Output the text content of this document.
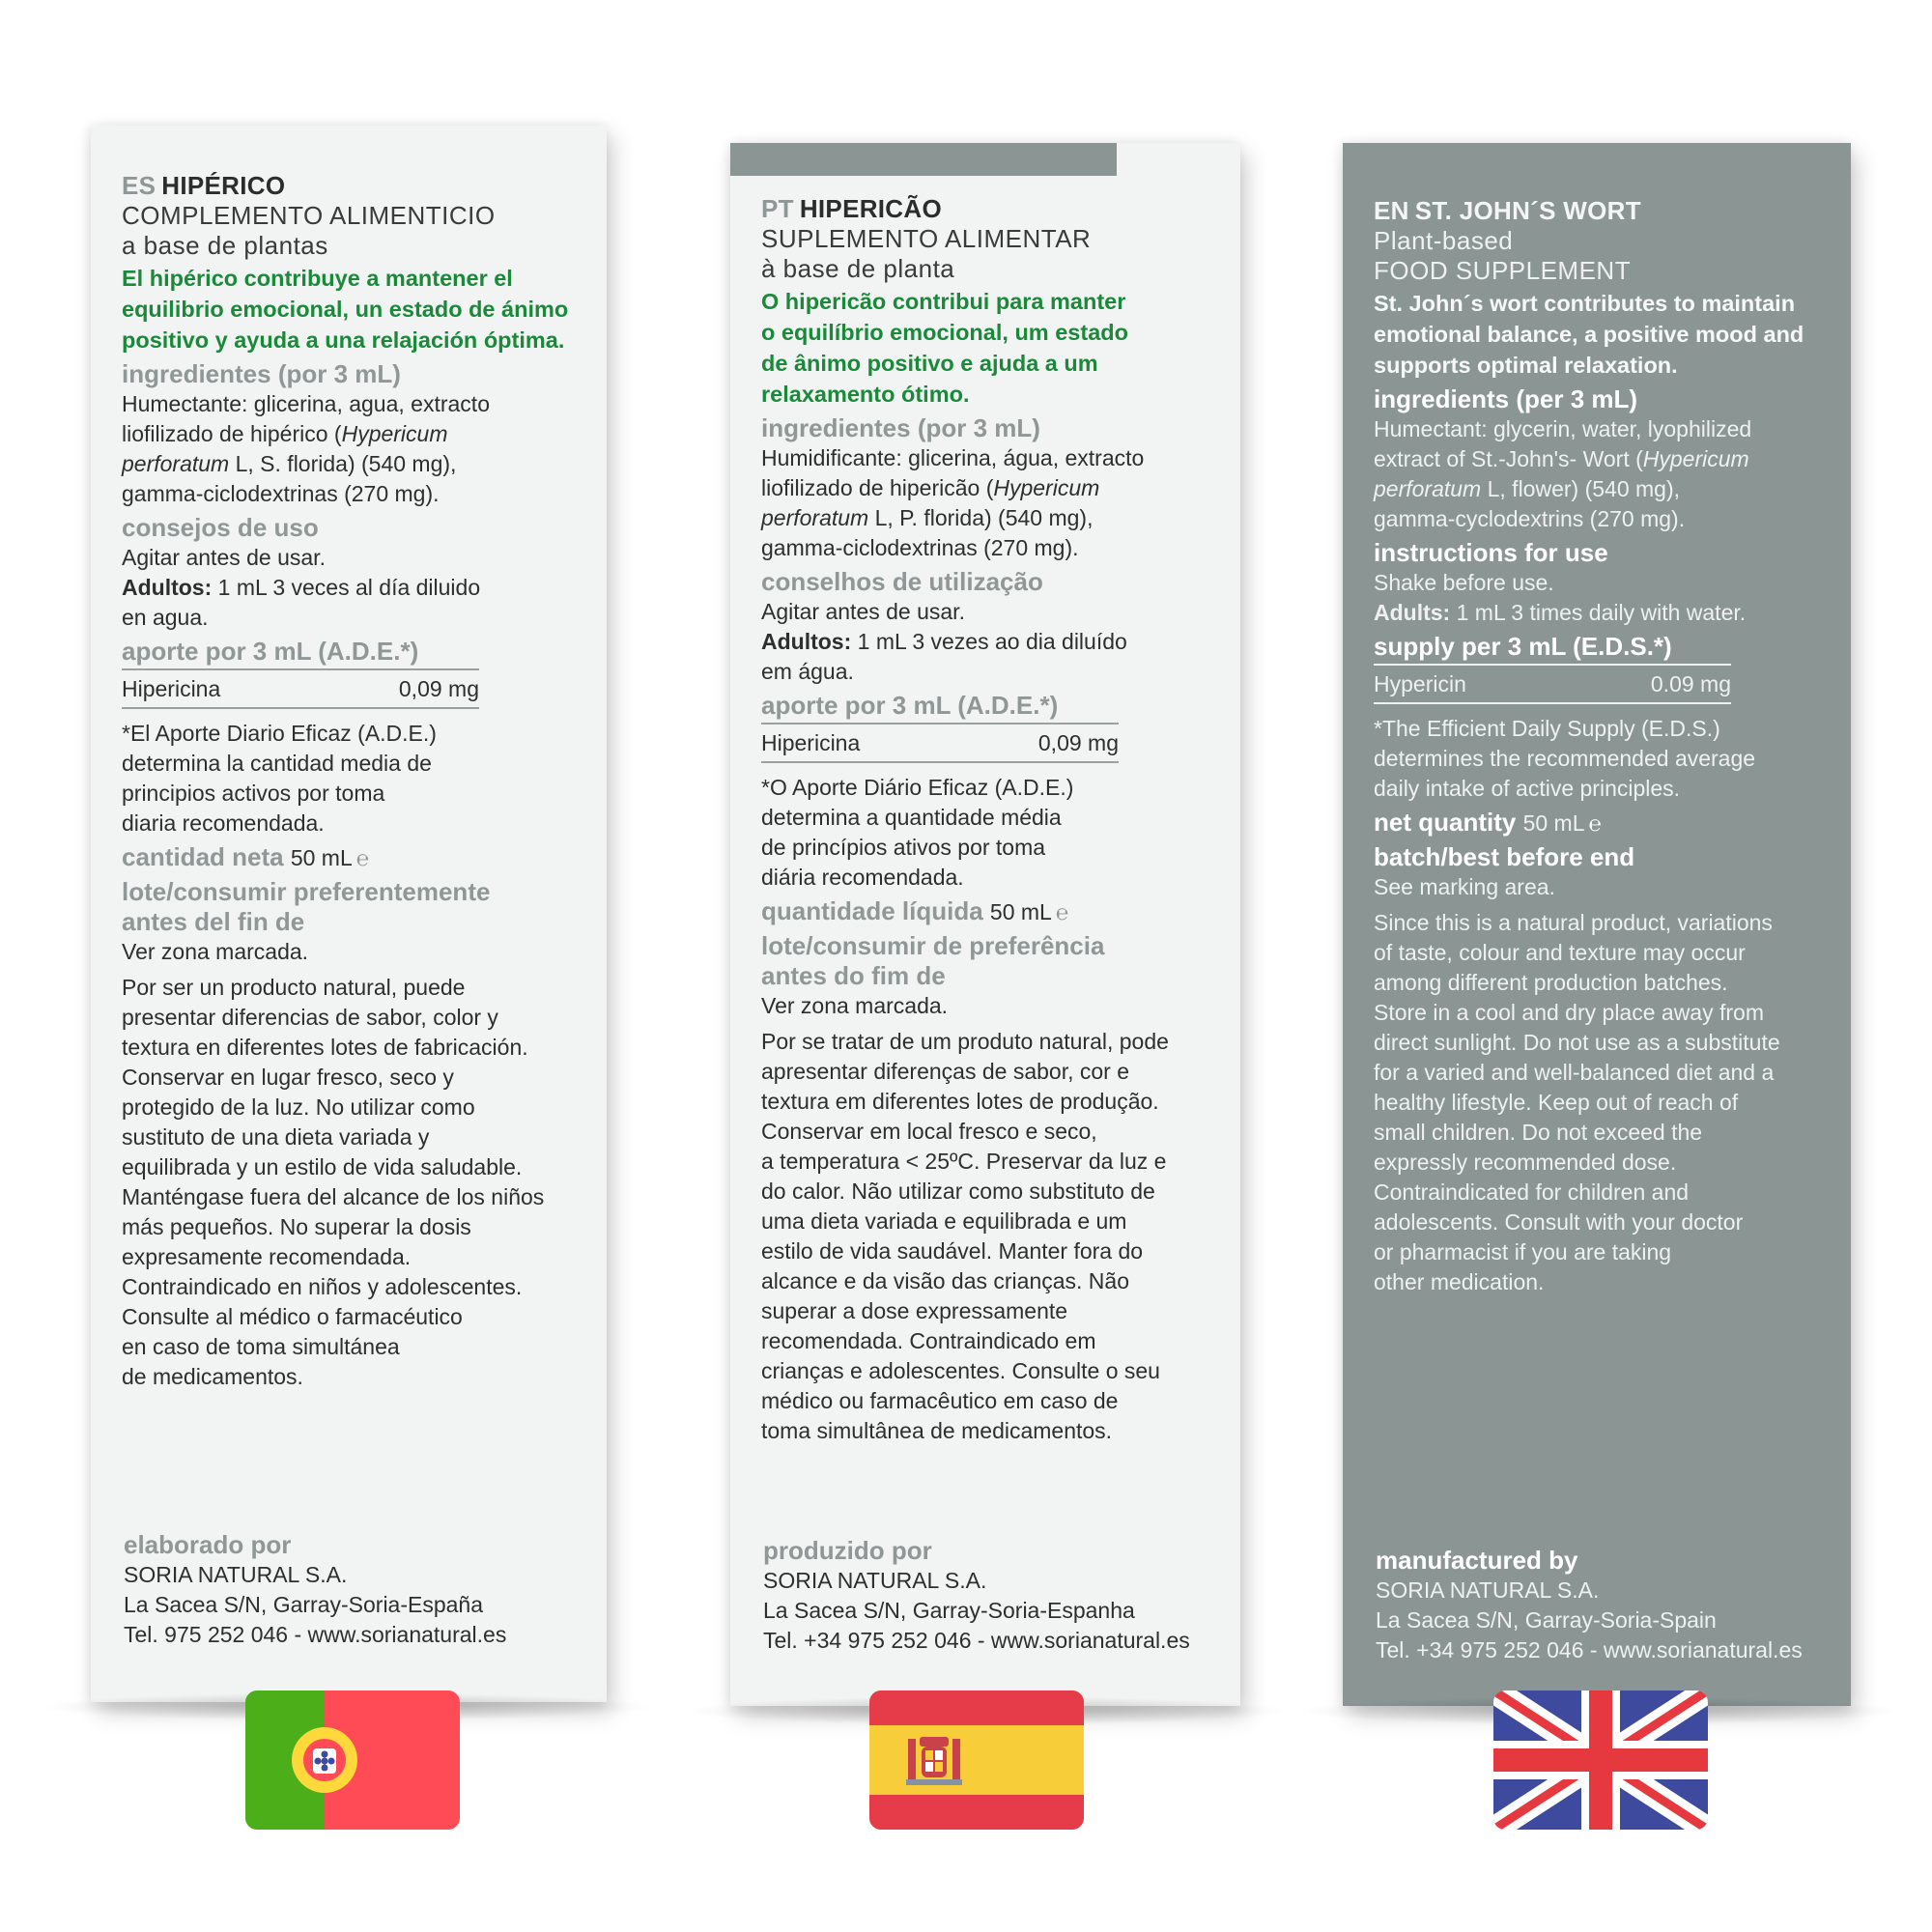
ES HIPÉRICO
COMPLEMENTO ALIMENTICIO
a base de plantas
El hipérico contribuye a mantener el
equilibrio emocional, un estado de ánimo
positivo y ayuda a una relajación óptima.
ingredientes (por 3 mL)
Humectante: glicerina, agua, extracto
liofilizado de hipérico (Hypericum
perforatum L, S. florida) (540 mg),
gamma-ciclodextrinas (270 mg).
consejos de uso
Agitar antes de usar.
Adultos: 1 mL 3 veces al día diluido
en agua.
aporte por 3 mL (A.D.E.*)
Hipericina	0,09 mg
*El Aporte Diario Eficaz (A.D.E.)
determina la cantidad media de
principios activos por toma
diaria recomendada.
cantidad neta 50 mL ℮
lote/consumir preferentemente
antes del fin de
Ver zona marcada.
Por ser un producto natural, puede
presentar diferencias de sabor, color y
textura en diferentes lotes de fabricación.
Conservar en lugar fresco, seco y
protegido de la luz. No utilizar como
sustituto de una dieta variada y
equilibrada y un estilo de vida saludable.
Manténgase fuera del alcance de los niños
más pequeños. No superar la dosis
expresamente recomendada.
Contraindicado en niños y adolescentes.
Consulte al médico o farmacéutico
en caso de toma simultánea
de medicamentos.
elaborado por
SORIA NATURAL S.A.
La Sacea S/N, Garray-Soria-España
Tel. 975 252 046 - www.sorianatural.es
PT HIPERICÃO
SUPLEMENTO ALIMENTAR
à base de planta
O hipericão contribui para manter
o equilíbrio emocional, um estado
de ânimo positivo e ajuda a um
relaxamento ótimo.
ingredientes (por 3 mL)
Humidificante: glicerina, água, extracto
liofilizado de hipericão (Hypericum
perforatum L, P. florida) (540 mg),
gamma-ciclodextrinas (270 mg).
conselhos de utilização
Agitar antes de usar.
Adultos: 1 mL 3 vezes ao dia diluído
em água.
aporte por 3 mL (A.D.E.*)
Hipericina	0,09 mg
*O Aporte Diário Eficaz (A.D.E.)
determina a quantidade média
de princípios ativos por toma
diária recomendada.
quantidade líquida 50 mL ℮
lote/consumir de preferência
antes do fim de
Ver zona marcada.
Por se tratar de um produto natural, pode
apresentar diferenças de sabor, cor e
textura em diferentes lotes de produção.
Conservar em local fresco e seco,
a temperatura < 25ºC. Preservar da luz e
do calor. Não utilizar como substituto de
uma dieta variada e equilibrada e um
estilo de vida saudável. Manter fora do
alcance e da visão das crianças. Não
superar a dose expressamente
recomendada. Contraindicado em
crianças e adolescentes. Consulte o seu
médico ou farmacêutico em caso de
toma simultânea de medicamentos.
produzido por
SORIA NATURAL S.A.
La Sacea S/N, Garray-Soria-Espanha
Tel. +34 975 252 046 - www.sorianatural.es
EN ST. JOHN´S WORT
Plant-based
FOOD SUPPLEMENT
St. John´s wort contributes to maintain
emotional balance, a positive mood and
supports optimal relaxation.
ingredients (per 3 mL)
Humectant: glycerin, water, lyophilized
extract of St.-John's- Wort (Hypericum
perforatum L, flower) (540 mg),
gamma-cyclodextrins (270 mg).
instructions for use
Shake before use.
Adults: 1 mL 3 times daily with water.
supply per 3 mL (E.D.S.*)
Hypericin	0.09 mg
*The Efficient Daily Supply (E.D.S.)
determines the recommended average
daily intake of active principles.
net quantity 50 mL ℮
batch/best before end
See marking area.
Since this is a natural product, variations
of taste, colour and texture may occur
among different production batches.
Store in a cool and dry place away from
direct sunlight. Do not use as a substitute
for a varied and well-balanced diet and a
healthy lifestyle. Keep out of reach of
small children. Do not exceed the
expressly recommended dose.
Contraindicated for children and
adolescents. Consult with your doctor
or pharmacist if you are taking
other medication.
manufactured by
SORIA NATURAL S.A.
La Sacea S/N, Garray-Soria-Spain
Tel. +34 975 252 046 - www.sorianatural.es
